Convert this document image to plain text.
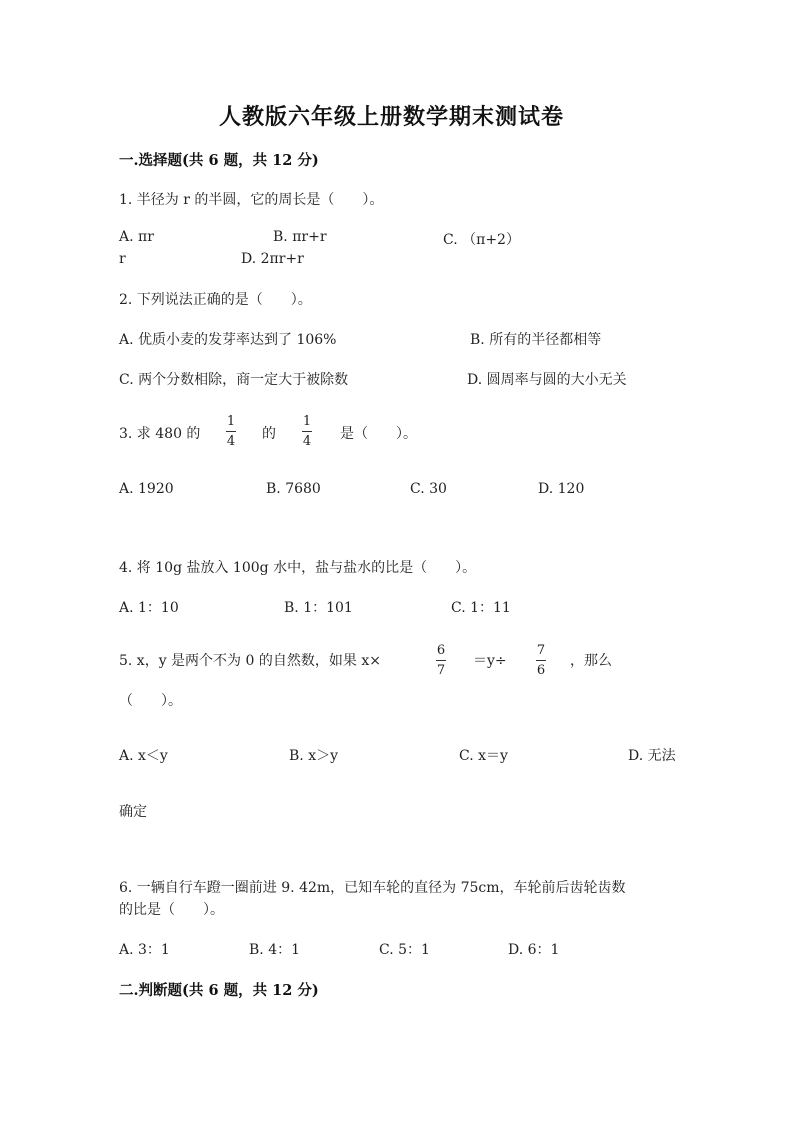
人教版六年级上册数学期末测试卷
一.选择题(共 6 题，共 12 分)
1. 半径为 r 的半圆，它的周长是（　　）。
A. πr	B. πr+r	C. （π+2）
r	D. 2πr+r
2. 下列说法正确的是（　　）。
A. 优质小麦的发芽率达到了 106%	B. 所有的半径都相等
C. 两个分数相除，商一定大于被除数	D. 圆周率与圆的大小无关
3. 求 480 的
1
4 的
1
4 是（　　）。
A. 1920	B. 7680	C. 30	D. 120
4. 将 10g 盐放入 100g 水中，盐与盐水的比是（　　）。
A. 1：10	B. 1：101	C. 1：11
5. x，y 是两个不为 0 的自然数，如果 x×
6
7
＝y÷
7
6
，那么
（　　）。
A. x＜y	B. x＞y	C. x＝y	D. 无法
确定
6. 一辆自行车蹬一圈前进 9. 42m，已知车轮的直径为 75cm，车轮前后齿轮齿数
的比是（　　）。
A. 3：1	B. 4：1	C. 5：1	D. 6：1
二.判断题(共 6 题，共 12 分)
